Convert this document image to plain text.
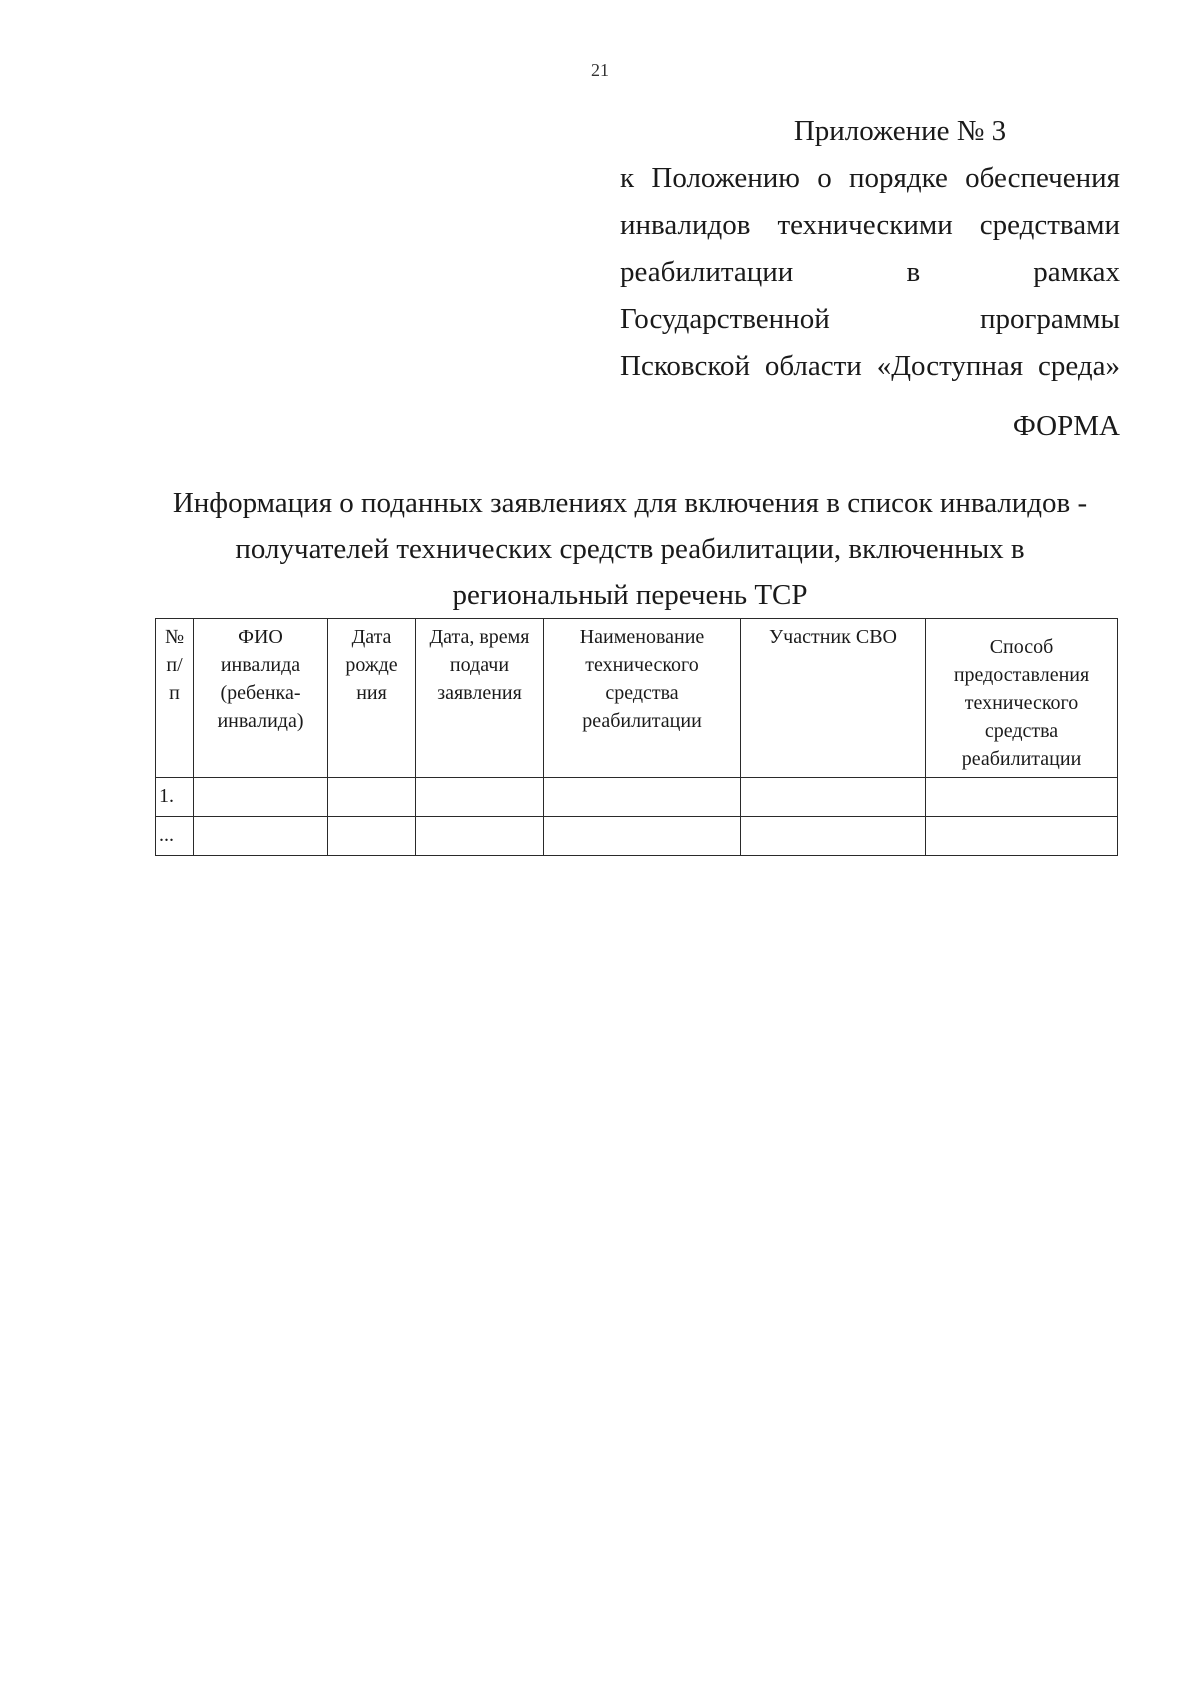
21
Приложение № 3
к Положению о порядке обеспечения
инвалидов техническими средствами
реабилитации в рамках
Государственной программы
Псковской области «Доступная среда»
ФОРМА
Информация о поданных заявлениях для включения в список инвалидов -
получателей технических средств реабилитации, включенных в
региональный перечень ТСР
№ п/ п	ФИО инвалида (ребенка-инвалида)	Дата рожде ния	Дата, время подачи заявления	Наименование технического средства реабилитации	Участник СВО	Способ предоставления технического средства реабилитации
1.						
...						
